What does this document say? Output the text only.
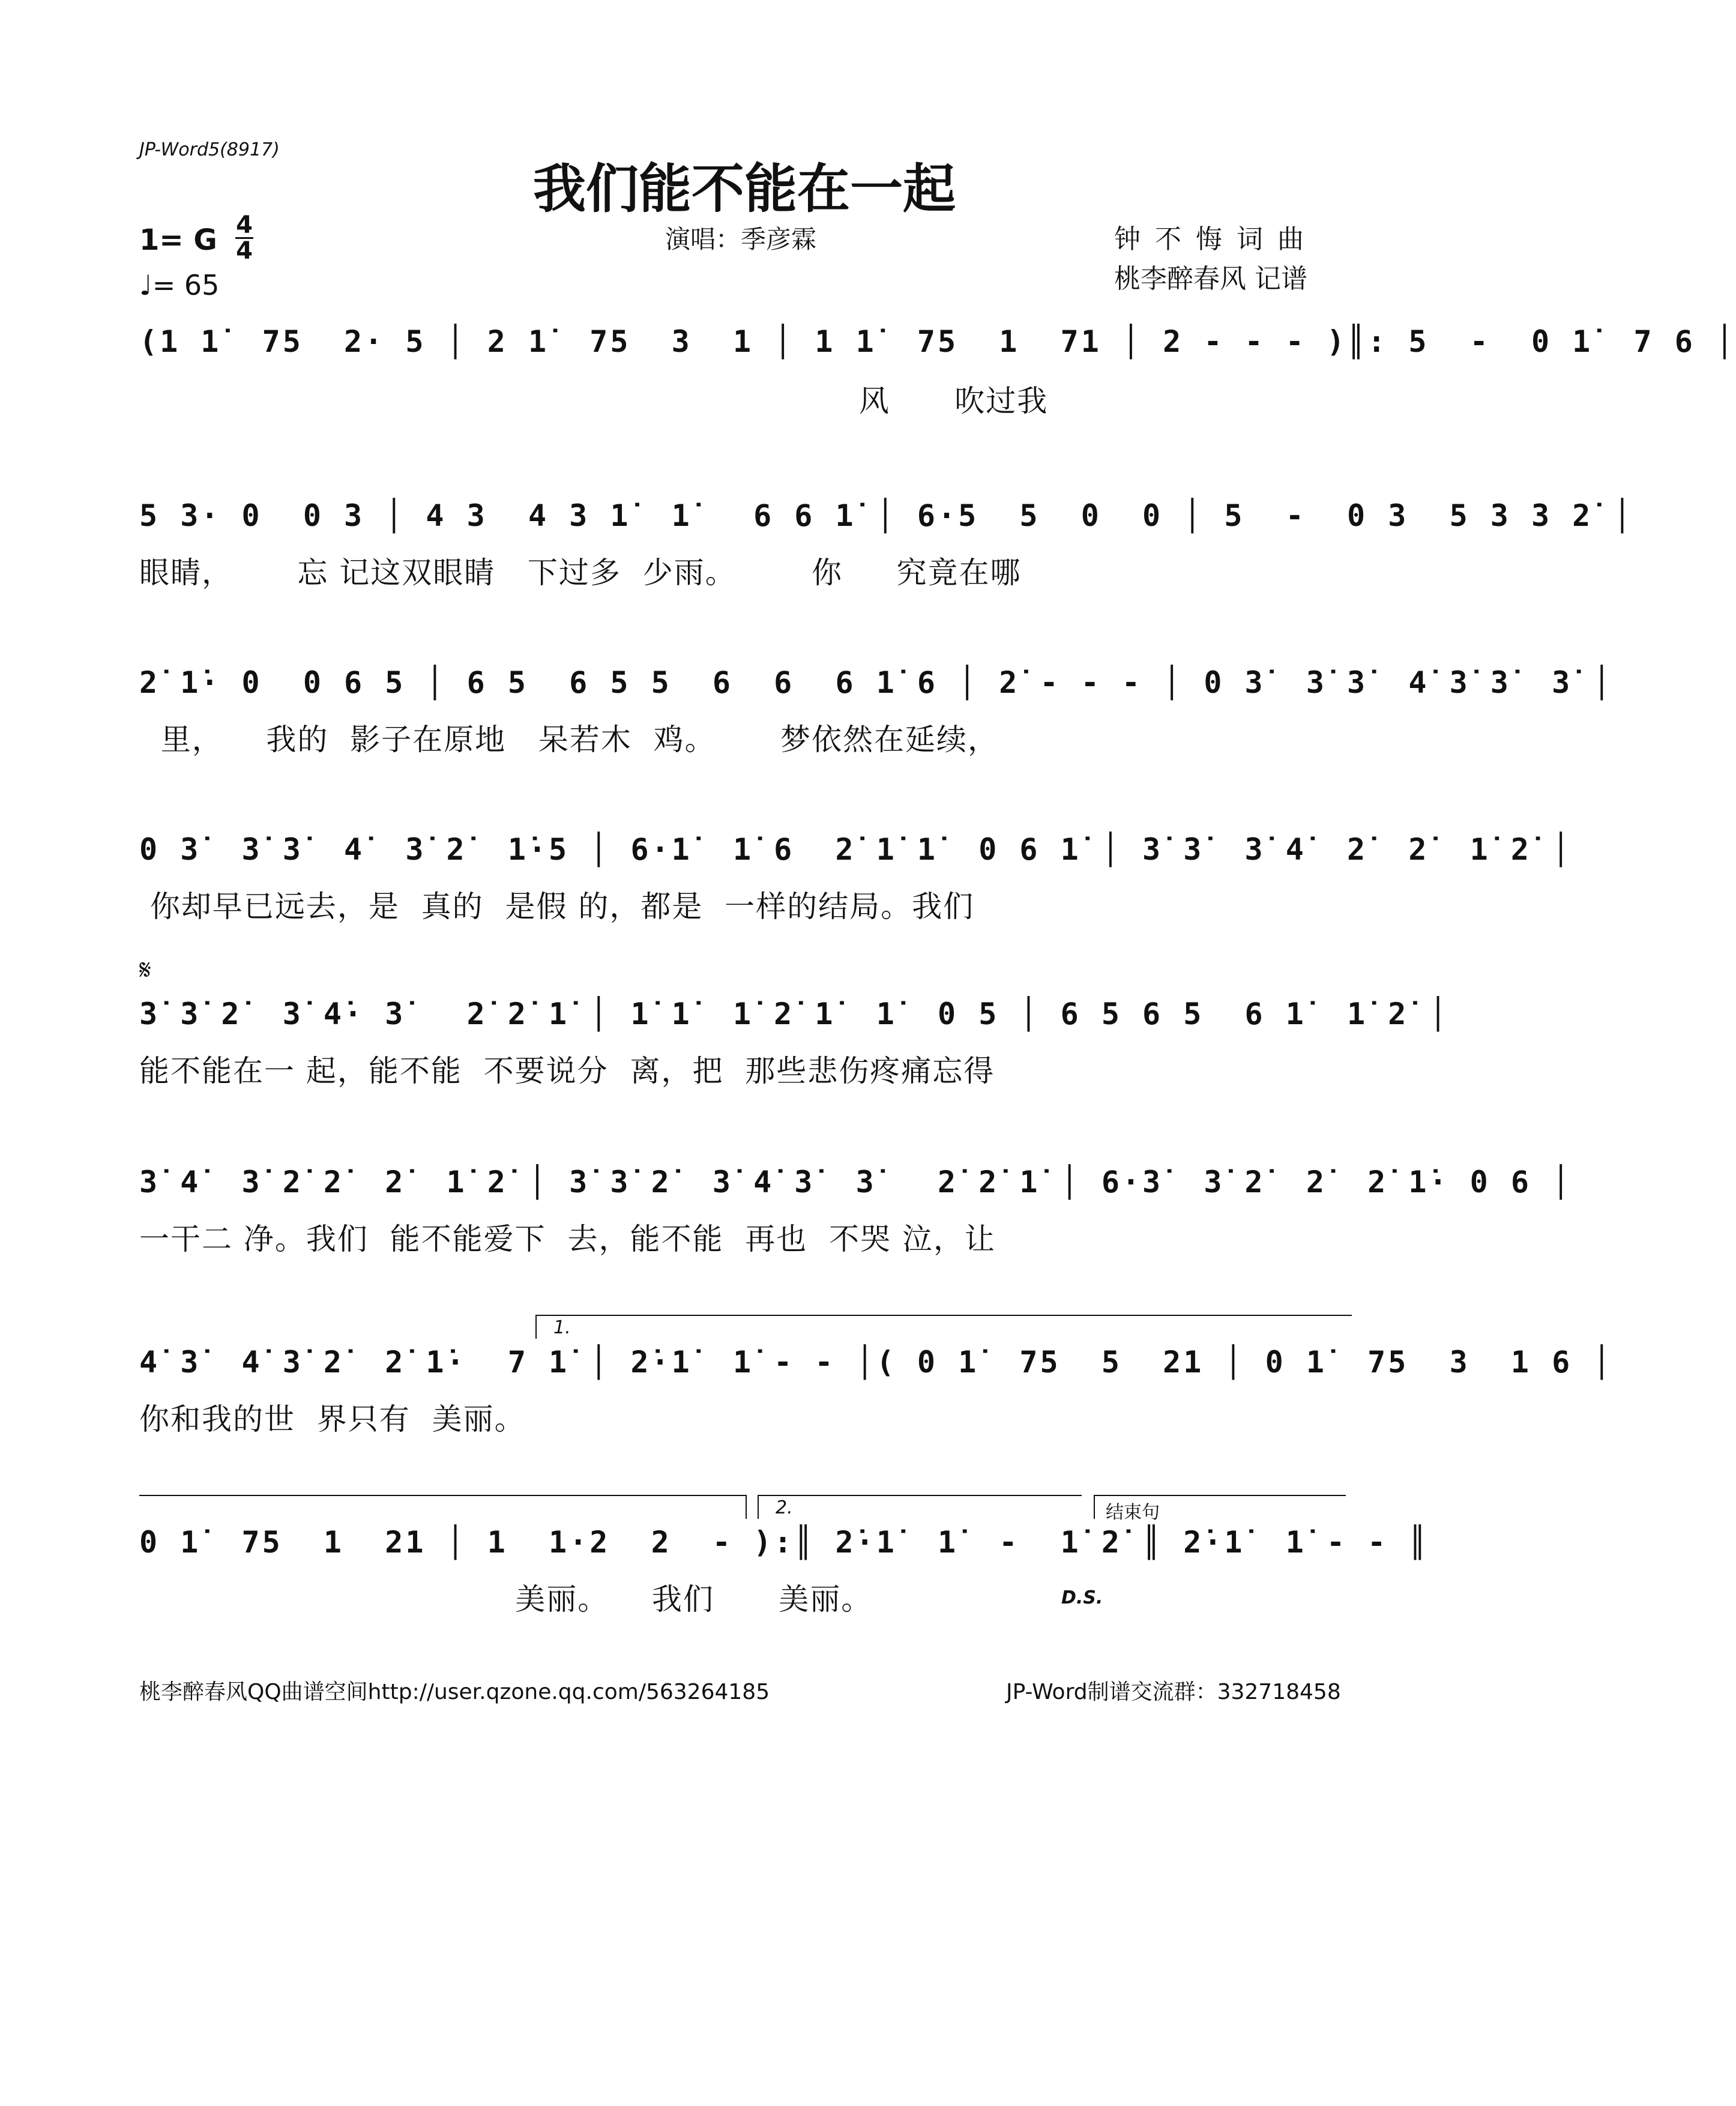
JP-Word5(8917)
我们能不能在一起
1= G 4
4
♩= 65
演唱：季彦霖	钟不悔词曲
桃李醉春风 记谱
(1 1̇  75  2· 5 │ 2 1̇  75  3  1 │ 1 1̇  75  1  71 │ 2 - - - )║: 5  -  0 1̇  7 6 │
风      吹过我
5 3· 0  0 3 │ 4 3  4 3 1̇  1̇   6 6 1̇ │ 6·5  5  0  0 │ 5  -  0 3  5 3 3 2̇ │
眼睛，      忘 记这双眼睛   下过多  少雨。       你     究竟在哪
2̇ 1̇· 0  0 6 5 │ 6 5  6 5 5  6  6  6 1̇ 6 │ 2̇ - - - │ 0 3̇  3̇ 3̇  4̇ 3̇ 3̇  3̇ │
里，    我的  影子在原地   呆若木  鸡。      梦依然在延续，
0 3̇  3̇ 3̇  4̇  3̇ 2̇  1̇·5 │ 6·1̇  1̇ 6  2̇ 1̇ 1̇  0 6 1̇ │ 3̇ 3̇  3̇ 4̇  2̇  2̇  1̇ 2̇ │
你却早已远去，是  真的  是假 的，都是  一样的结局。我们
𝄋
3̇ 3̇ 2̇  3̇ 4̇· 3̇   2̇ 2̇ 1̇ │ 1̇ 1̇  1̇ 2̇ 1̇  1̇  0 5 │ 6 5 6 5  6 1̇  1̇ 2̇ │
能不能在一 起，能不能  不要说分  离，把  那些悲伤疼痛忘得
3̇ 4̇  3̇ 2̇ 2̇  2̇  1̇ 2̇ │ 3̇ 3̇ 2̇  3̇ 4̇ 3̇  3̇   2̇ 2̇ 1̇ │ 6·3̇  3̇ 2̇  2̇  2̇ 1̇· 0 6 │
一干二 净。我们  能不能爱下  去，能不能  再也  不哭 泣，让
1.
4̇ 3̇  4̇ 3̇ 2̇  2̇ 1̇·  7 1̇ │ 2̇·1̇  1̇ - - │( 0 1̇  75  5  21 │ 0 1̇  75  3  1 6 │
你和我的世  界只有  美丽。
2.	结束句
0 1̇  75  1  21 │ 1  1·2  2  - ):║ 2̇·1̇  1̇  -  1̇ 2̇ ║ 2̇·1̇  1̇ - - ║
美丽。    我们      美丽。	D.S.
桃李醉春风QQ曲谱空间http://user.qzone.qq.com/563264185	JP-Word制谱交流群：332718458
